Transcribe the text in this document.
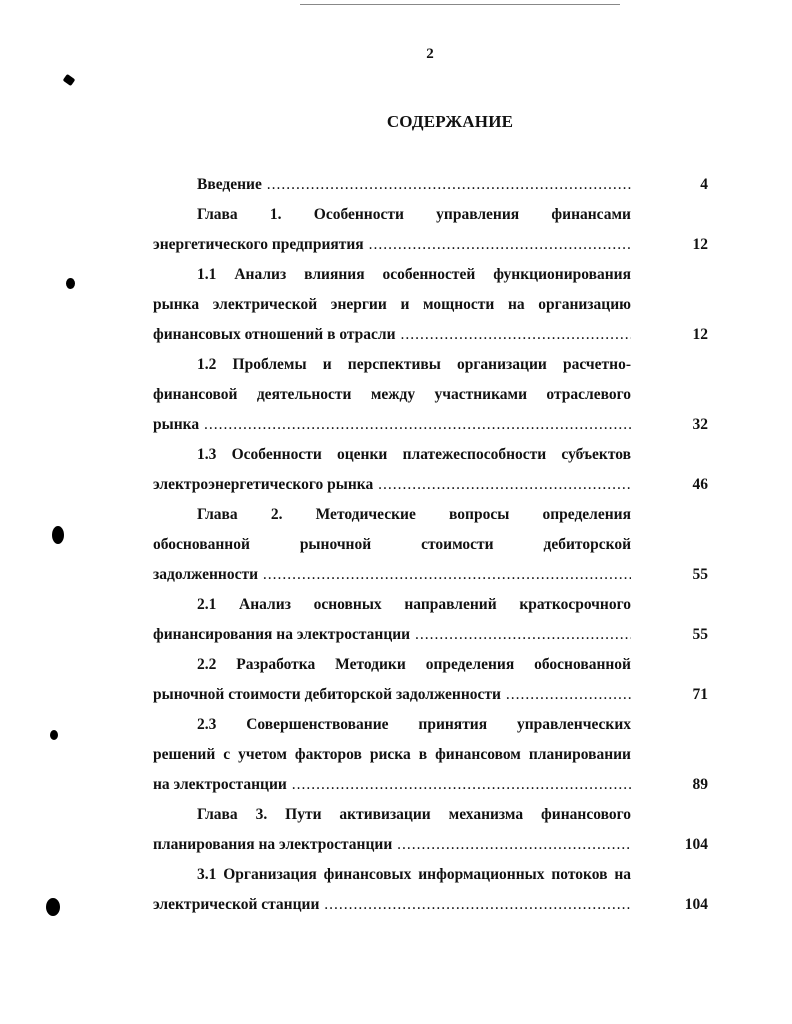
2
СОДЕРЖАНИЕ
Введение .....	4
Глава 1. Особенности управления финансами
энергетического предприятия .....	12
1.1 Анализ влияния особенностей функционирования
рынка электрической энергии и мощности на организацию
финансовых отношений в отрасли .....	12
1.2 Проблемы и перспективы организации расчетно-
финансовой деятельности между участниками отраслевого
рынка .....	32
1.3 Особенности оценки платежеспособности субъектов
электроэнергетического рынка .....	46
Глава 2. Методические вопросы определения
обоснованной рыночной стоимости дебиторской
задолженности .....	55
2.1 Анализ основных направлений краткосрочного
финансирования на электростанции .....	55
2.2 Разработка Методики определения обоснованной
рыночной стоимости дебиторской задолженности .....	71
2.3 Совершенствование принятия управленческих
решений с учетом факторов риска в финансовом планировании
на электростанции .....	89
Глава 3. Пути активизации механизма финансового
планирования на электростанции .....	104
3.1 Организация финансовых информационных потоков на
электрической станции .....	104
